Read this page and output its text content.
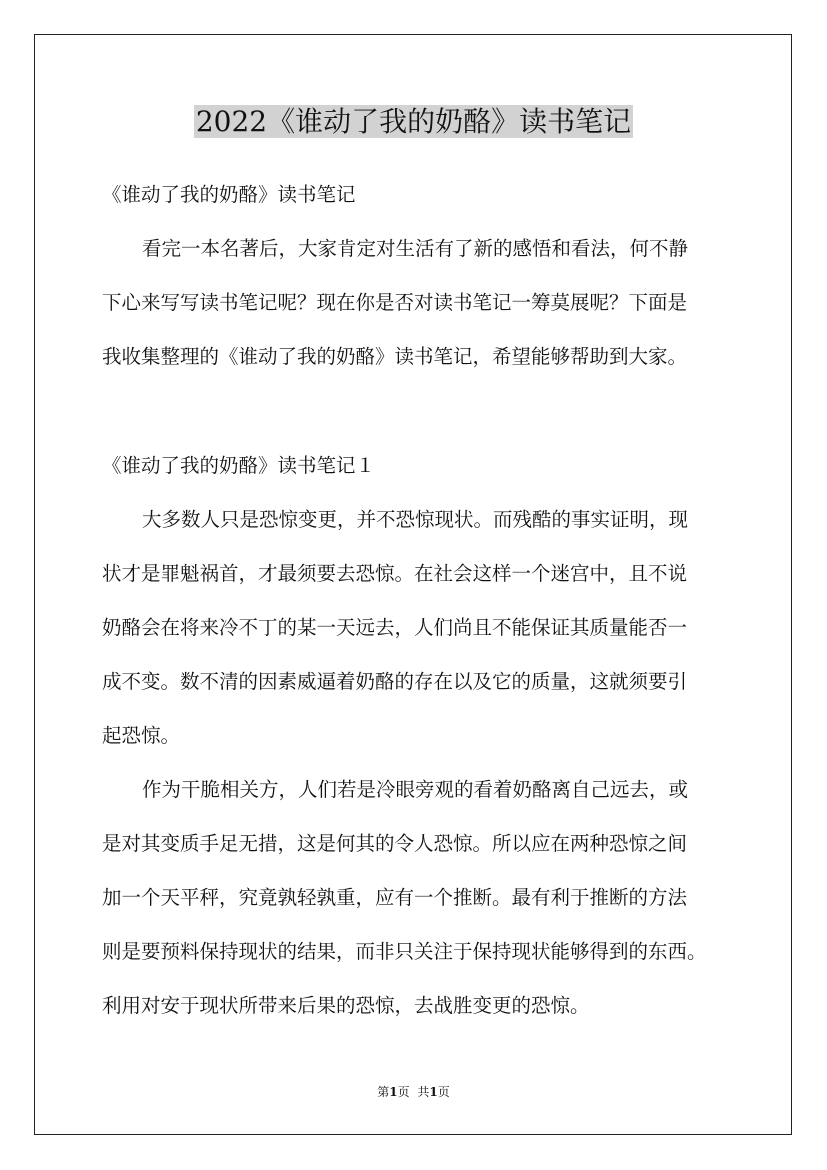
2022《谁动了我的奶酪》读书笔记

《谁动了我的奶酪》读书笔记

看完一本名著后，大家肯定对生活有了新的感悟和看法，何不静

下心来写写读书笔记呢？现在你是否对读书笔记一筹莫展呢？下面是

我收集整理的《谁动了我的奶酪》读书笔记，希望能够帮助到大家。

《谁动了我的奶酪》读书笔记１

大多数人只是恐惊变更，并不恐惊现状。而残酷的事实证明，现

状才是罪魁祸首，才最须要去恐惊。在社会这样一个迷宫中，且不说

奶酪会在将来冷不丁的某一天远去，人们尚且不能保证其质量能否一

成不变。数不清的因素威逼着奶酪的存在以及它的质量，这就须要引

起恐惊。

作为干脆相关方，人们若是冷眼旁观的看着奶酪离自己远去，或

是对其变质手足无措，这是何其的令人恐惊。所以应在两种恐惊之间

加一个天平秤，究竟孰轻孰重，应有一个推断。最有利于推断的方法

则是要预料保持现状的结果，而非只关注于保持现状能够得到的东西。

利用对安于现状所带来后果的恐惊，去战胜变更的恐惊。

第1页 共1页
